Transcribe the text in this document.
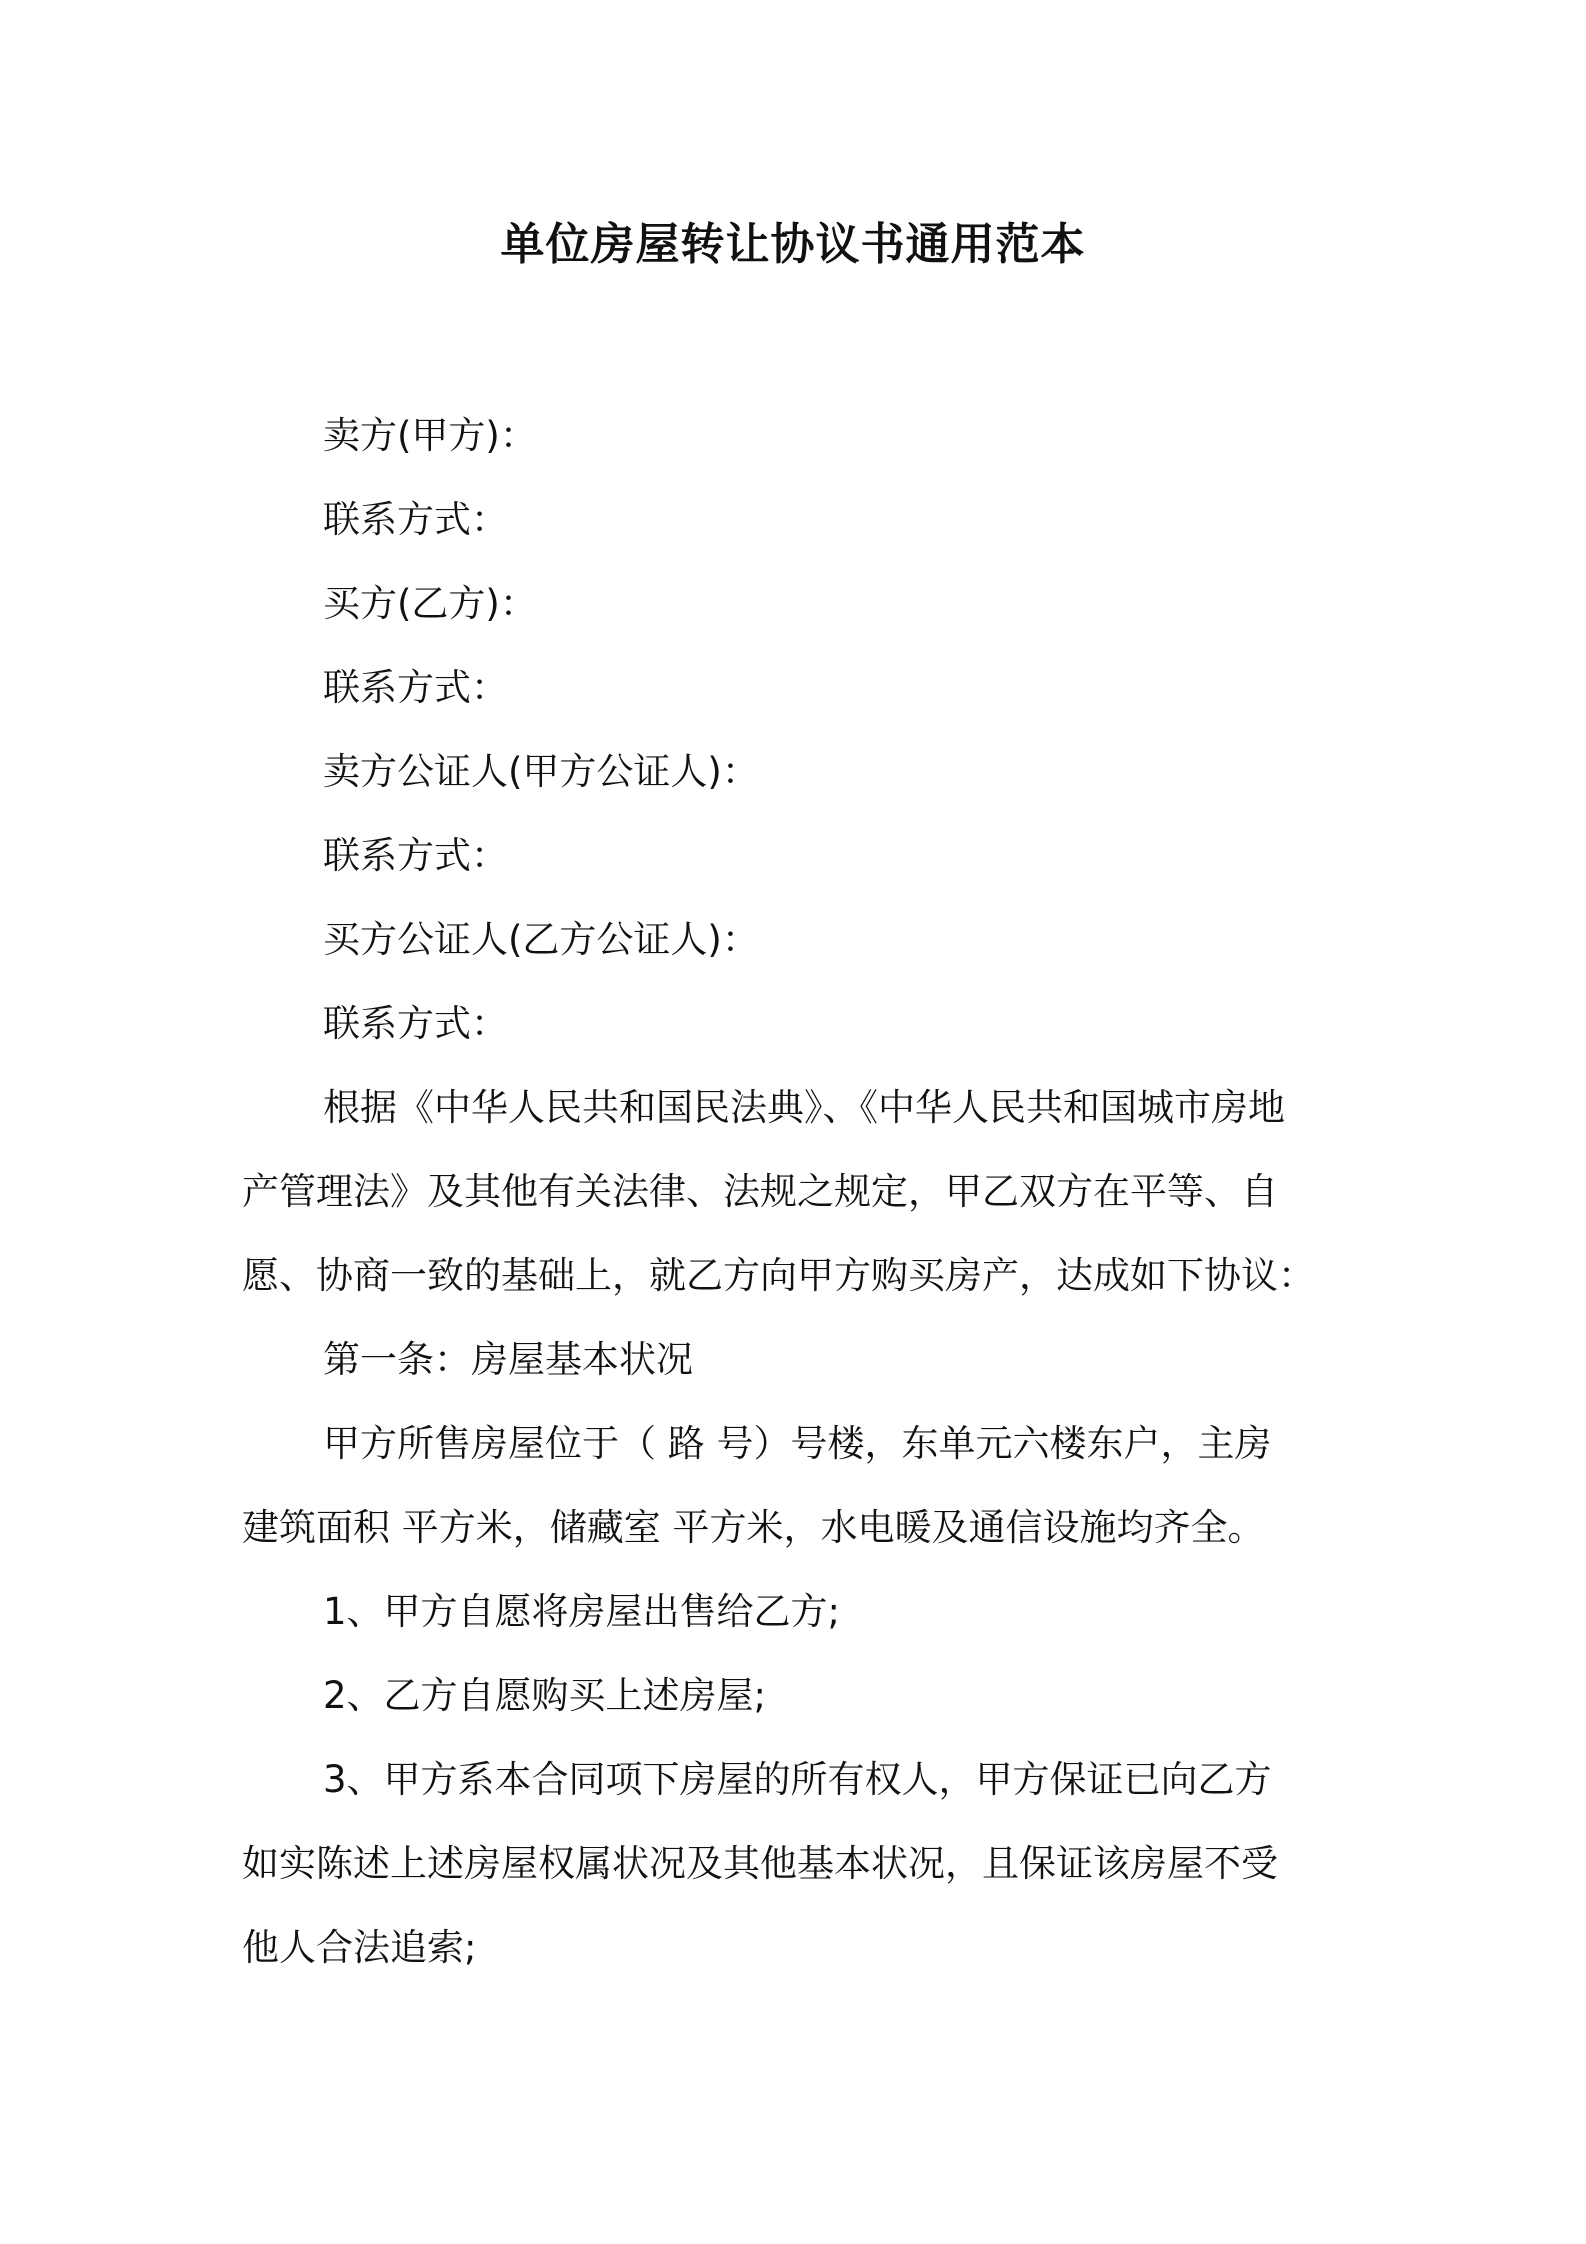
单位房屋转让协议书通用范本
卖方(甲方)：
联系方式：
买方(乙方)：
联系方式：
卖方公证人(甲方公证人)：
联系方式：
买方公证人(乙方公证人)：
联系方式：
根据《中华人民共和国民法典》、《中华人民共和国城市房地
产管理法》及其他有关法律、法规之规定，甲乙双方在平等、自
愿、协商一致的基础上，就乙方向甲方购买房产，达成如下协议：
第一条：房屋基本状况
甲方所售房屋位于（ 路 号）号楼，东单元六楼东户，主房
建筑面积 平方米，储藏室 平方米，水电暖及通信设施均齐全。
1、甲方自愿将房屋出售给乙方;
2、乙方自愿购买上述房屋;
3、甲方系本合同项下房屋的所有权人，甲方保证已向乙方
如实陈述上述房屋权属状况及其他基本状况，且保证该房屋不受
他人合法追索;
